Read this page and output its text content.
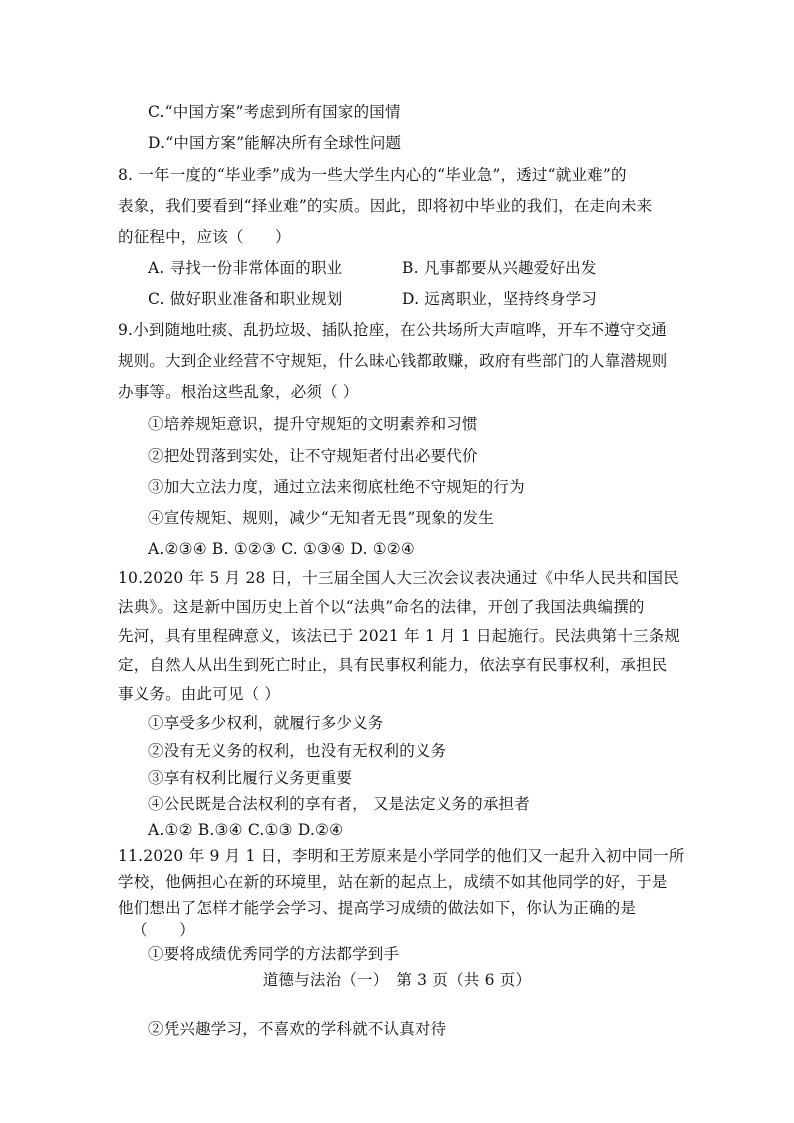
C.“中国方案”考虑到所有国家的国情
D.“中国方案”能解决所有全球性问题
8. 一年一度的“毕业季”成为一些大学生内心的“毕业急”，透过“就业难”的
表象，我们要看到“择业难”的实质。因此，即将初中毕业的我们，在走向未来
的征程中，应该（　　）
A. 寻找一份非常体面的职业	B. 凡事都要从兴趣爱好出发
C. 做好职业准备和职业规划	D. 远离职业，坚持终身学习
9.小到随地吐痰、乱扔垃圾、插队抢座，在公共场所大声喧哗，开车不遵守交通
规则。大到企业经营不守规矩，什么昧心钱都敢赚，政府有些部门的人靠潜规则
办事等。根治这些乱象，必须（ ）
①培养规矩意识，提升守规矩的文明素养和习惯
②把处罚落到实处，让不守规矩者付出必要代价
③加大立法力度，通过立法来彻底杜绝不守规矩的行为
④宣传规矩、规则，减少“无知者无畏”现象的发生
A.②③④ B. ①②③ C. ①③④ D. ①②④
10.2020 年 5 月 28 日，十三届全国人大三次会议表决通过《中华人民共和国民
法典》。这是新中国历史上首个以“法典”命名的法律，开创了我国法典编撰的
先河，具有里程碑意义，该法已于 2021 年 1 月 1 日起施行。民法典第十三条规
定，自然人从出生到死亡时止，具有民事权利能力，依法享有民事权利，承担民
事义务。由此可见（ ）
①享受多少权利，就履行多少义务
②没有无义务的权利，也没有无权利的义务
③享有权利比履行义务更重要
④公民既是合法权利的享有者， 又是法定义务的承担者
A.①② B.③④ C.①③ D.②④
11.2020 年 9 月 1 日，李明和王芳原来是小学同学的他们又一起升入初中同一所
学校，他俩担心在新的环境里，站在新的起点上，成绩不如其他同学的好，于是
他们想出了怎样才能学会学习、提高学习成绩的做法如下，你认为正确的是
（　　）
①要将成绩优秀同学的方法都学到手
道德与法治（一）　第 3 页（共 6 页）
②凭兴趣学习，不喜欢的学科就不认真对待
